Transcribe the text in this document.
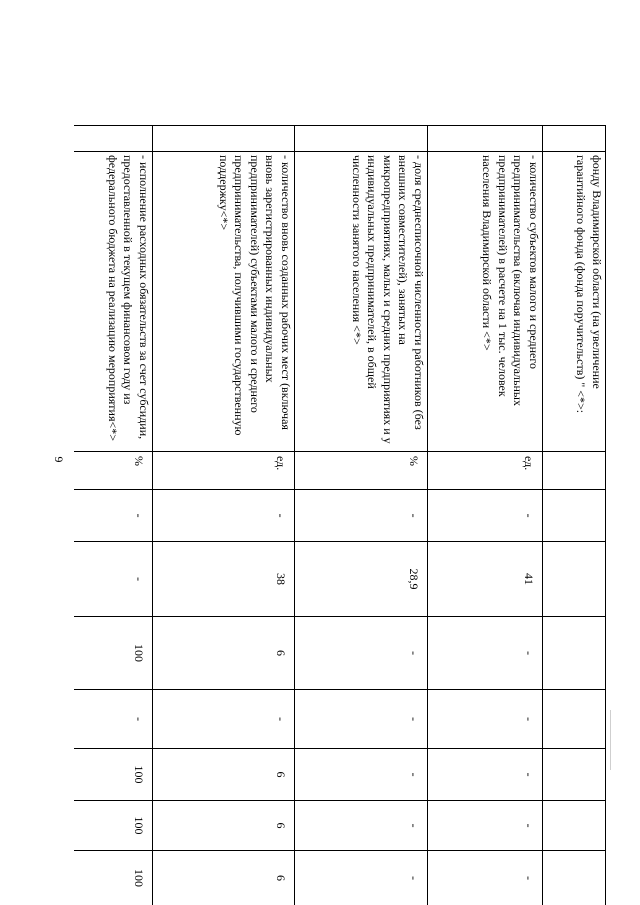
6
	фонду Владимирской области (на увеличение гарантийного фонда (фонда поручительств) " <*>:									
	- количество субъектов малого и среднего предпринимательства (включая индивидуальных предпринимателей) в расчете на 1 тыс. человек населения Владимирской области <*>	ед.	-	41	-	-	-	-	-	
	- доля среднесписочной численности работников (без внешних совместителей), занятых на микропредприятиях, малых и средних предприятиях и у индивидуальных предпринимателей, в общей численности занятого населения <*>	%	-	28,9	-	-	-	-	-	
	- количество вновь созданных рабочих мест (включая вновь зарегистрированных индивидуальных предпринимателей) субъектами малого и среднего предпринимательства, получившими государственную поддержку<*>	ед.	-	38	6	-	6	6	6	
	- исполнение расходных обязательств за счет субсидии, предоставленной в текущем финансовом году из федерального бюджета на реализацию мероприятия<*>	%	-	-	100	-	100	100	100	
